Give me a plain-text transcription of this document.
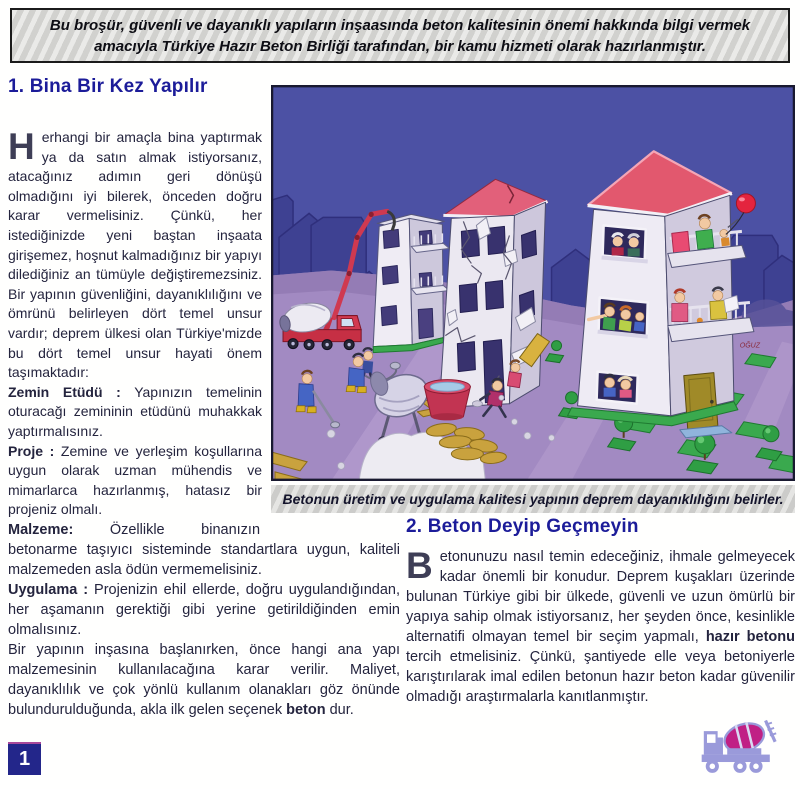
Bu broşür, güvenli ve dayanıklı yapıların inşaasında beton kalitesinin önemi hakkında bilgi vermek amacıyla Türkiye Hazır Beton Birliği tarafından, bir kamu hizmeti olarak hazırlanmıştır.
1. Bina Bir Kez Yapılır

Herhangi bir amaçla bina yaptırmak ya da satın almak istiyorsanız, atacağınız adımın geri dönüşü olmadığını iyi bilerek, önceden doğru karar vermelisiniz. Çünkü, her istediğinizde yeni baştan inşaata girişemez, hoşnut kalmadığınız bir yapıyı dilediğiniz an tümüyle değiştiremezsiniz. Bir yapının güvenliğini, dayanıklılığını ve ömrünü belirleyen dört temel unsur vardır; deprem ülkesi olan Türkiye'mizde bu dört temel unsur hayati önem taşımaktadır:

Zemin Etüdü : Yapınızın temelinin oturacağı zemininin etüdünü muhakkak yaptırmalısınız.

Proje : Zemine ve yerleşim koşullarına uygun olarak uzman mühendis ve mimarlarca hazırlanmış, hatasız bir projeniz olmalı.

OĞUZ
Betonun üretim ve uygulama kalitesi yapının deprem dayanıklılığını belirler.

Malzeme:	Özellikle binanızın betonarme taşıyıcı sisteminde standartlara uygun, kaliteli malzemeden asla ödün vermemelisiniz.

Uygulama : Projenizin ehil ellerde, doğru uygulandığından, her aşamanın gerektiği gibi yerine getirildiğinden emin olmalısınız.

Bir yapının inşasına başlanırken, önce hangi ana yapı malzemesinin kullanılacağına karar verilir. Maliyet, dayanıklılık ve çok yönlü kullanım olanakları göz önünde bulundurulduğunda, akla ilk gelen seçenek beton dur.

2. Beton Deyip Geçmeyin

Betonunuzu nasıl temin edeceğiniz, ihmale gelmeyecek kadar önemli bir konudur. Deprem kuşakları üzerinde bulunan Türkiye gibi bir ülkede, güvenli ve uzun ömürlü bir yapıya sahip olmak istiyorsanız, her şeyden önce, kesinlikle alternatifi olmayan temel bir seçim yapmalı, hazır betonu tercih etmelisiniz. Çünkü, şantiyede elle veya betoniyerle karıştırılarak imal edilen betonun hazır beton kadar güvenilir olmadığı araştırmalarla kanıtlanmıştır.

1
